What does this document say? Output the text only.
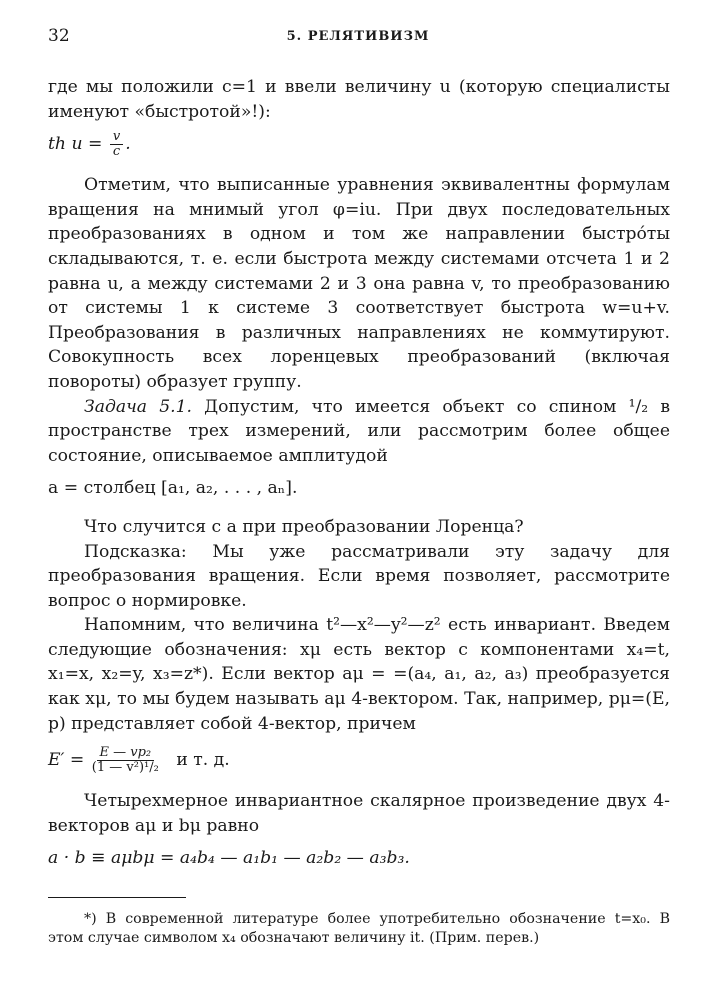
32	5. РЕЛЯТИВИЗМ

где мы положили c=1 и ввели величину u (которую специалисты именуют «быстротой»!):

th $u = \frac{v}{c}$ .

Отметим, что выписанные уравнения эквивалентны формулам вращения на мнимый угол φ=iu. При двух последовательных преобразованиях в одном и том же направлении быстро́ты складываются, т. е. если быстрота между системами отсчета 1 и 2 равна u, а между системами 2 и 3 она равна v, то преобразованию от системы 1 к системе 3 соответствует быстрота w=u+v. Преобразования в различных направлениях не коммутируют. Совокупность всех лоренцевых преобразований (включая повороты) образует группу.

Задача 5.1. Допустим, что имеется объект со спином ¹/₂ в пространстве трех измерений, или рассмотрим более общее состояние, описываемое амплитудой

a = столбец [a₁, a₂, . . . , aₙ].

Что случится с a при преобразовании Лоренца?

Подсказка: Мы уже рассматривали эту задачу для преобразования вращения. Если время позволяет, рассмотрите вопрос о нормировке.

Напомним, что величина t²—x²—y²—z² есть инвариант. Введем следующие обозначения: xμ есть вектор с компонентами x₄=t, x₁=x, x₂=y, x₃=z*). Если вектор aμ = =(a₄, a₁, a₂, a₃) преобразуется как xμ, то мы будем называть aμ 4-вектором. Так, например, pμ=(E, p) представляет собой 4-вектор, причем

$E' = \frac{\text{E — vp₂}}{\text{(1 — v²)¹/₂}}$ и т. д.

Четырехмерное инвариантное скалярное произведение двух 4-векторов aμ и bμ равно

a · b ≡ aμbμ = a₄b₄ — a₁b₁ — a₂b₂ — a₃b₃.

*) В современной литературе более употребительно обозначение t=x₀. В этом случае символом x₄ обозначают величину it. (Прим. перев.)
